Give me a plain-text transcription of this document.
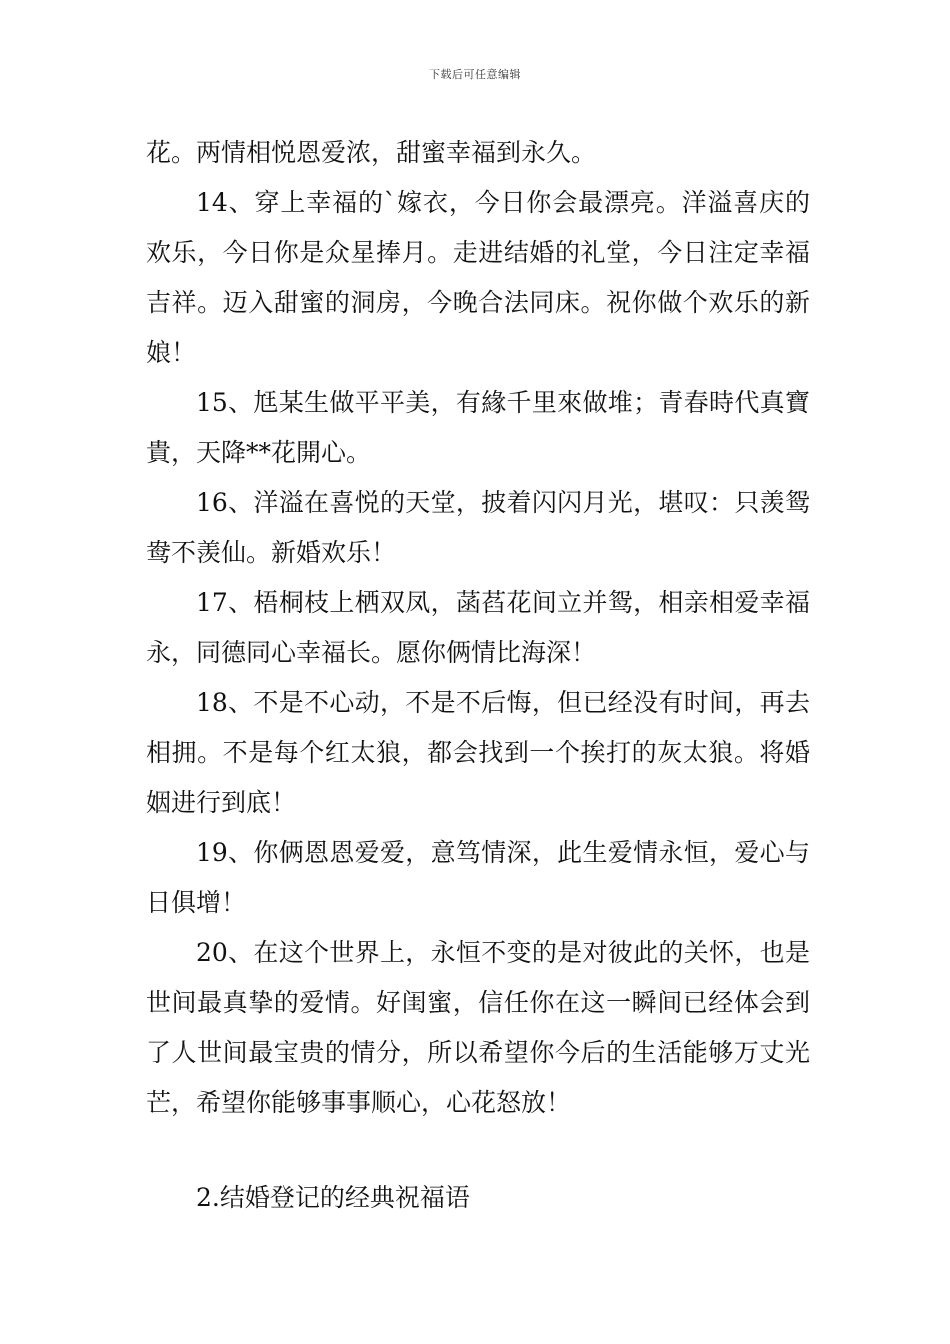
下载后可任意编辑

花。两情相悦恩爱浓，甜蜜幸福到永久。

14、穿上幸福的`嫁衣，今日你会最漂亮。洋溢喜庆的欢乐，今日你是众星捧月。走进结婚的礼堂，今日注定幸福吉祥。迈入甜蜜的洞房，今晚合法同床。祝你做个欢乐的新娘！

15、尪某生做平平美，有緣千里來做堆；青春時代真寶貴，天降**花開心。

16、洋溢在喜悦的天堂，披着闪闪月光，堪叹：只羡鸳鸯不羡仙。新婚欢乐！

17、梧桐枝上栖双凤，菡萏花间立并鸳，相亲相爱幸福永，同德同心幸福长。愿你俩情比海深！

18、不是不心动，不是不后悔，但已经没有时间，再去相拥。不是每个红太狼，都会找到一个挨打的灰太狼。将婚姻进行到底！

19、你俩恩恩爱爱，意笃情深，此生爱情永恒，爱心与日俱增！

20、在这个世界上，永恒不变的是对彼此的关怀，也是世间最真挚的爱情。好闺蜜，信任你在这一瞬间已经体会到了人世间最宝贵的情分，所以希望你今后的生活能够万丈光芒，希望你能够事事顺心，心花怒放！

2.结婚登记的经典祝福语
